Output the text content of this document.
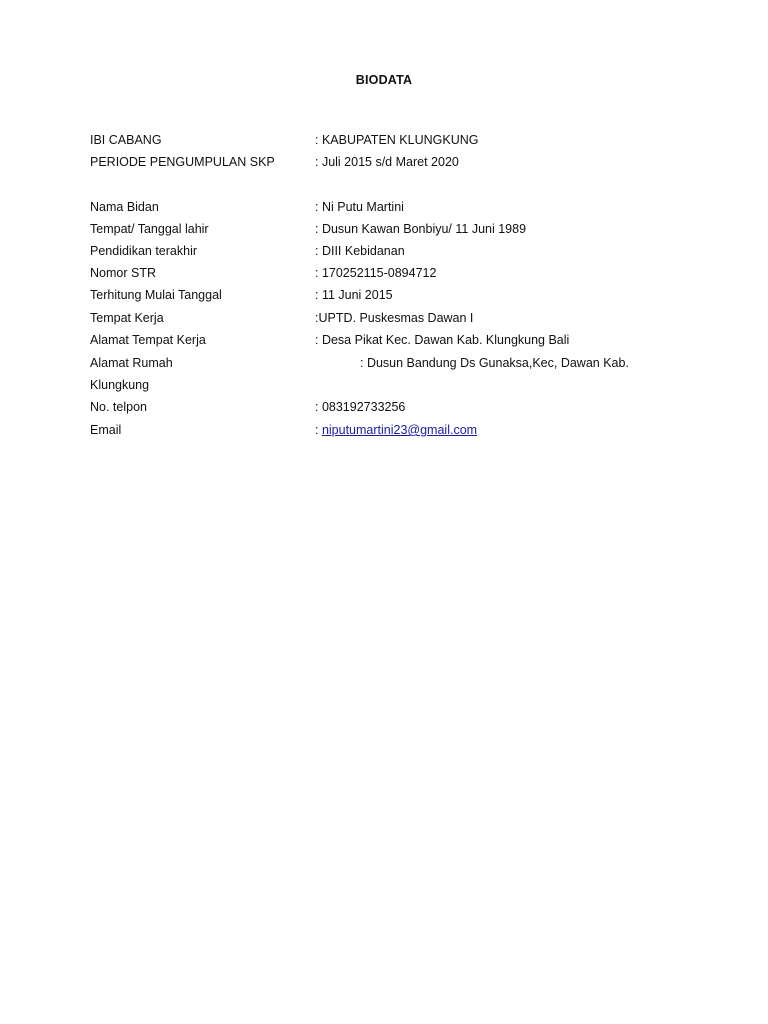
BIODATA
IBI CABANG	: KABUPATEN KLUNGKUNG
PERIODE PENGUMPULAN SKP	: Juli 2015 s/d Maret 2020
Nama Bidan	: Ni Putu Martini
Tempat/ Tanggal lahir	: Dusun Kawan Bonbiyu/ 11 Juni 1989
Pendidikan terakhir	: DIII Kebidanan
Nomor STR	: 170252115-0894712
Terhitung Mulai Tanggal	: 11 Juni 2015
Tempat Kerja	:UPTD. Puskesmas Dawan I
Alamat Tempat Kerja	: Desa Pikat Kec. Dawan Kab. Klungkung Bali
Alamat Rumah	: Dusun Bandung Ds Gunaksa,Kec, Dawan Kab.
Klungkung
No. telpon	: 083192733256
Email	: niputumartini23@gmail.com
